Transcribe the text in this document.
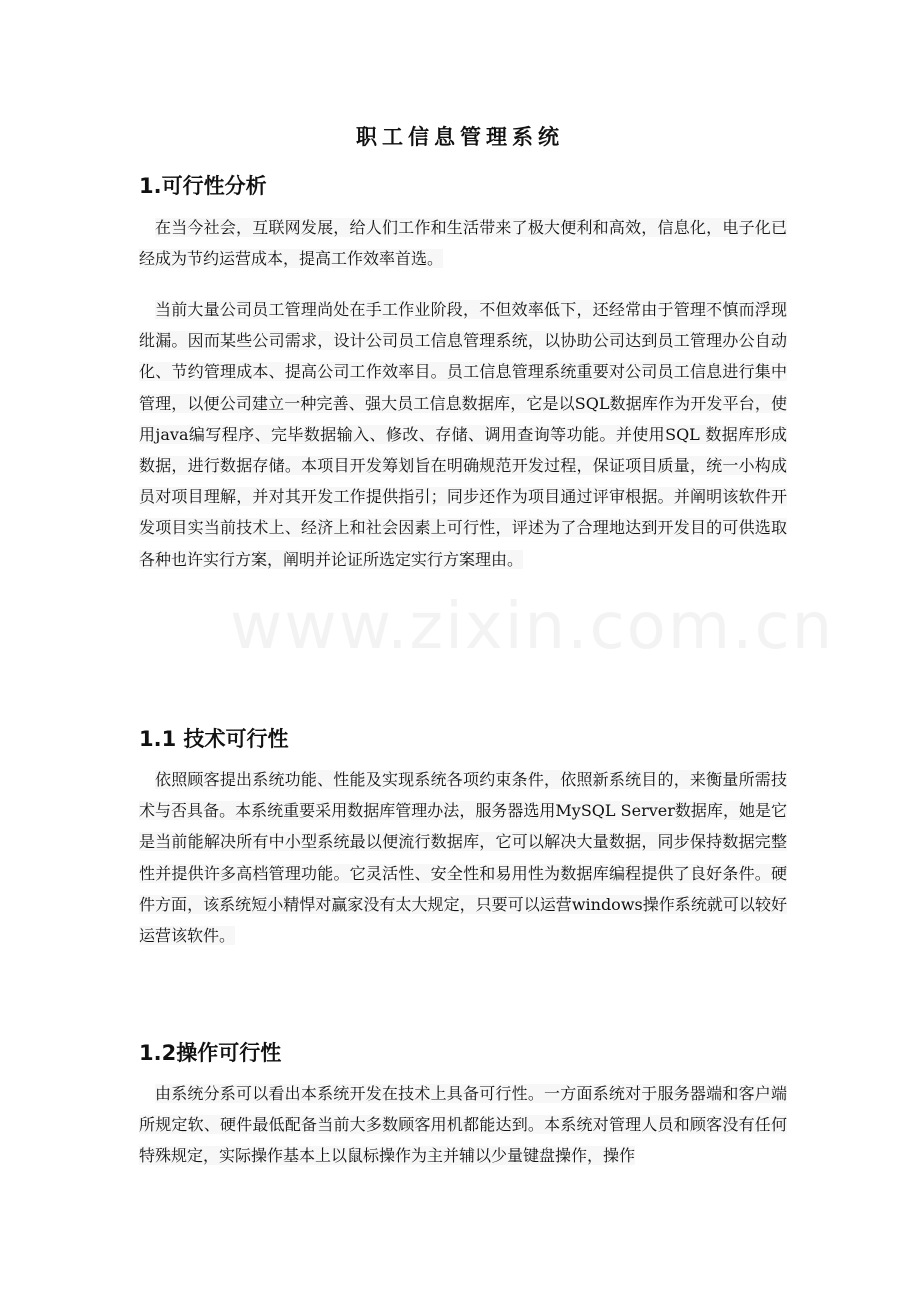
www.zixin.com.cn
职工信息管理系统
1.可行性分析

在当今社会，互联网发展，给人们工作和生活带来了极大便利和高效，信息化，电子化已经成为节约运营成本，提高工作效率首选。

当前大量公司员工管理尚处在手工作业阶段，不但效率低下，还经常由于管理不慎而浮现纰漏。因而某些公司需求，设计公司员工信息管理系统，以协助公司达到员工管理办公自动化、节约管理成本、提高公司工作效率目。员工信息管理系统重要对公司员工信息进行集中管理，以便公司建立一种完善、强大员工信息数据库，它是以SQL数据库作为开发平台，使用java编写程序、完毕数据输入、修改、存储、调用查询等功能。并使用SQL 数据库形成数据，进行数据存储。本项目开发筹划旨在明确规范开发过程，保证项目质量，统一小构成员对项目理解，并对其开发工作提供指引；同步还作为项目通过评审根据。并阐明该软件开发项目实当前技术上、经济上和社会因素上可行性，评述为了合理地达到开发目的可供选取各种也许实行方案，阐明并论证所选定实行方案理由。

1.1 技术可行性

依照顾客提出系统功能、性能及实现系统各项约束条件，依照新系统目的，来衡量所需技术与否具备。本系统重要采用数据库管理办法，服务器选用MySQL Server数据库，她是它是当前能解决所有中小型系统最以便流行数据库，它可以解决大量数据，同步保持数据完整性并提供许多高档管理功能。它灵活性、安全性和易用性为数据库编程提供了良好条件。硬件方面，该系统短小精悍对赢家没有太大规定，只要可以运营windows操作系统就可以较好运营该软件。

1.2操作可行性

由系统分系可以看出本系统开发在技术上具备可行性。一方面系统对于服务器端和客户端所规定软、硬件最低配备当前大多数顾客用机都能达到。本系统对管理人员和顾客没有任何特殊规定，实际操作基本上以鼠标操作为主并辅以少量键盘操作，操作
